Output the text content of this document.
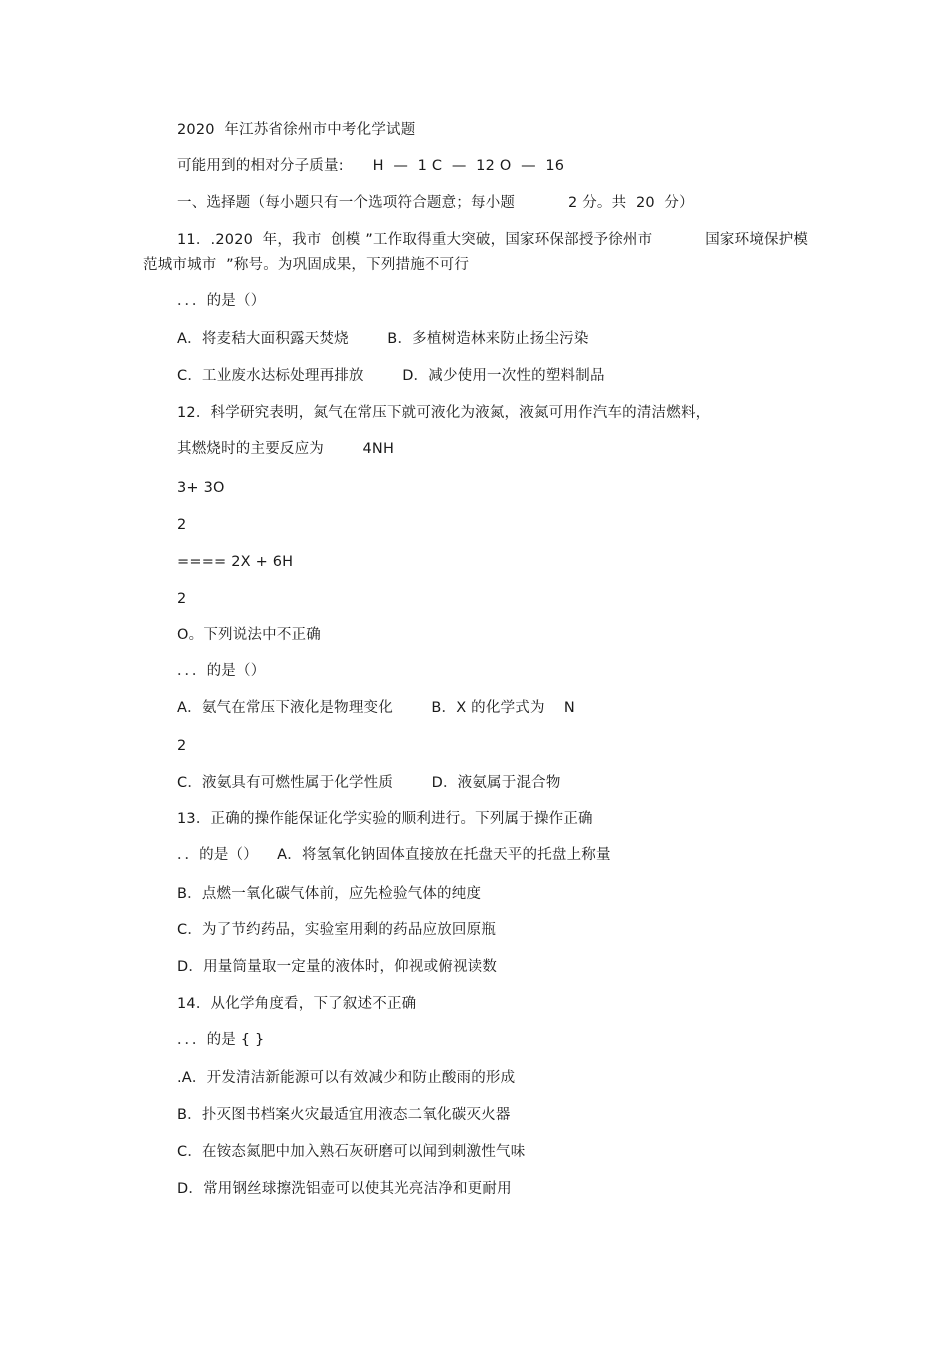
2020  年江苏省徐州市中考化学试题
可能用到的相对分子质量:      H  —  1 C  —  12 O  —  16
一、选择题（每小题只有一个选项符合题意；每小题           2 分。共  20  分）
11．.2020  年，我市  创模 ”工作取得重大突破，国家环保部授予徐州市           国家环境保护模
范城市城市  ”称号。为巩固成果，下列措施不可行
．．．的是（）
A．将麦秸大面积露天焚烧        B．多植树造林来防止扬尘污染
C．工业废水达标处理再排放        D．减少使用一次性的塑料制品
12．科学研究表明，氮气在常压下就可液化为液氮，液氮可用作汽车的清洁燃料，
其燃烧时的主要反应为        4NH
3+ 3O
2
==== 2X + 6H
2
O。下列说法中不正确
．．．的是（）
A．氨气在常压下液化是物理变化        B．X 的化学式为    N
2
C．液氨具有可燃性属于化学性质        D．液氨属于混合物
13．正确的操作能保证化学实验的顺利进行。下列属于操作正确
．．的是（）    A．将氢氧化钠固体直接放在托盘天平的托盘上称量
B．点燃一氧化碳气体前，应先检验气体的纯度
C．为了节约药品，实验室用剩的药品应放回原瓶
D．用量筒量取一定量的液体时，仰视或俯视读数
14．从化学角度看，下了叙述不正确
．．．的是 { }
.A．开发清洁新能源可以有效减少和防止酸雨的形成
B．扑灭图书档案火灾最适宜用液态二氧化碳灭火器
C．在铵态氮肥中加入熟石灰研磨可以闻到刺激性气味
D．常用钢丝球擦洗铝壶可以使其光亮洁净和更耐用
